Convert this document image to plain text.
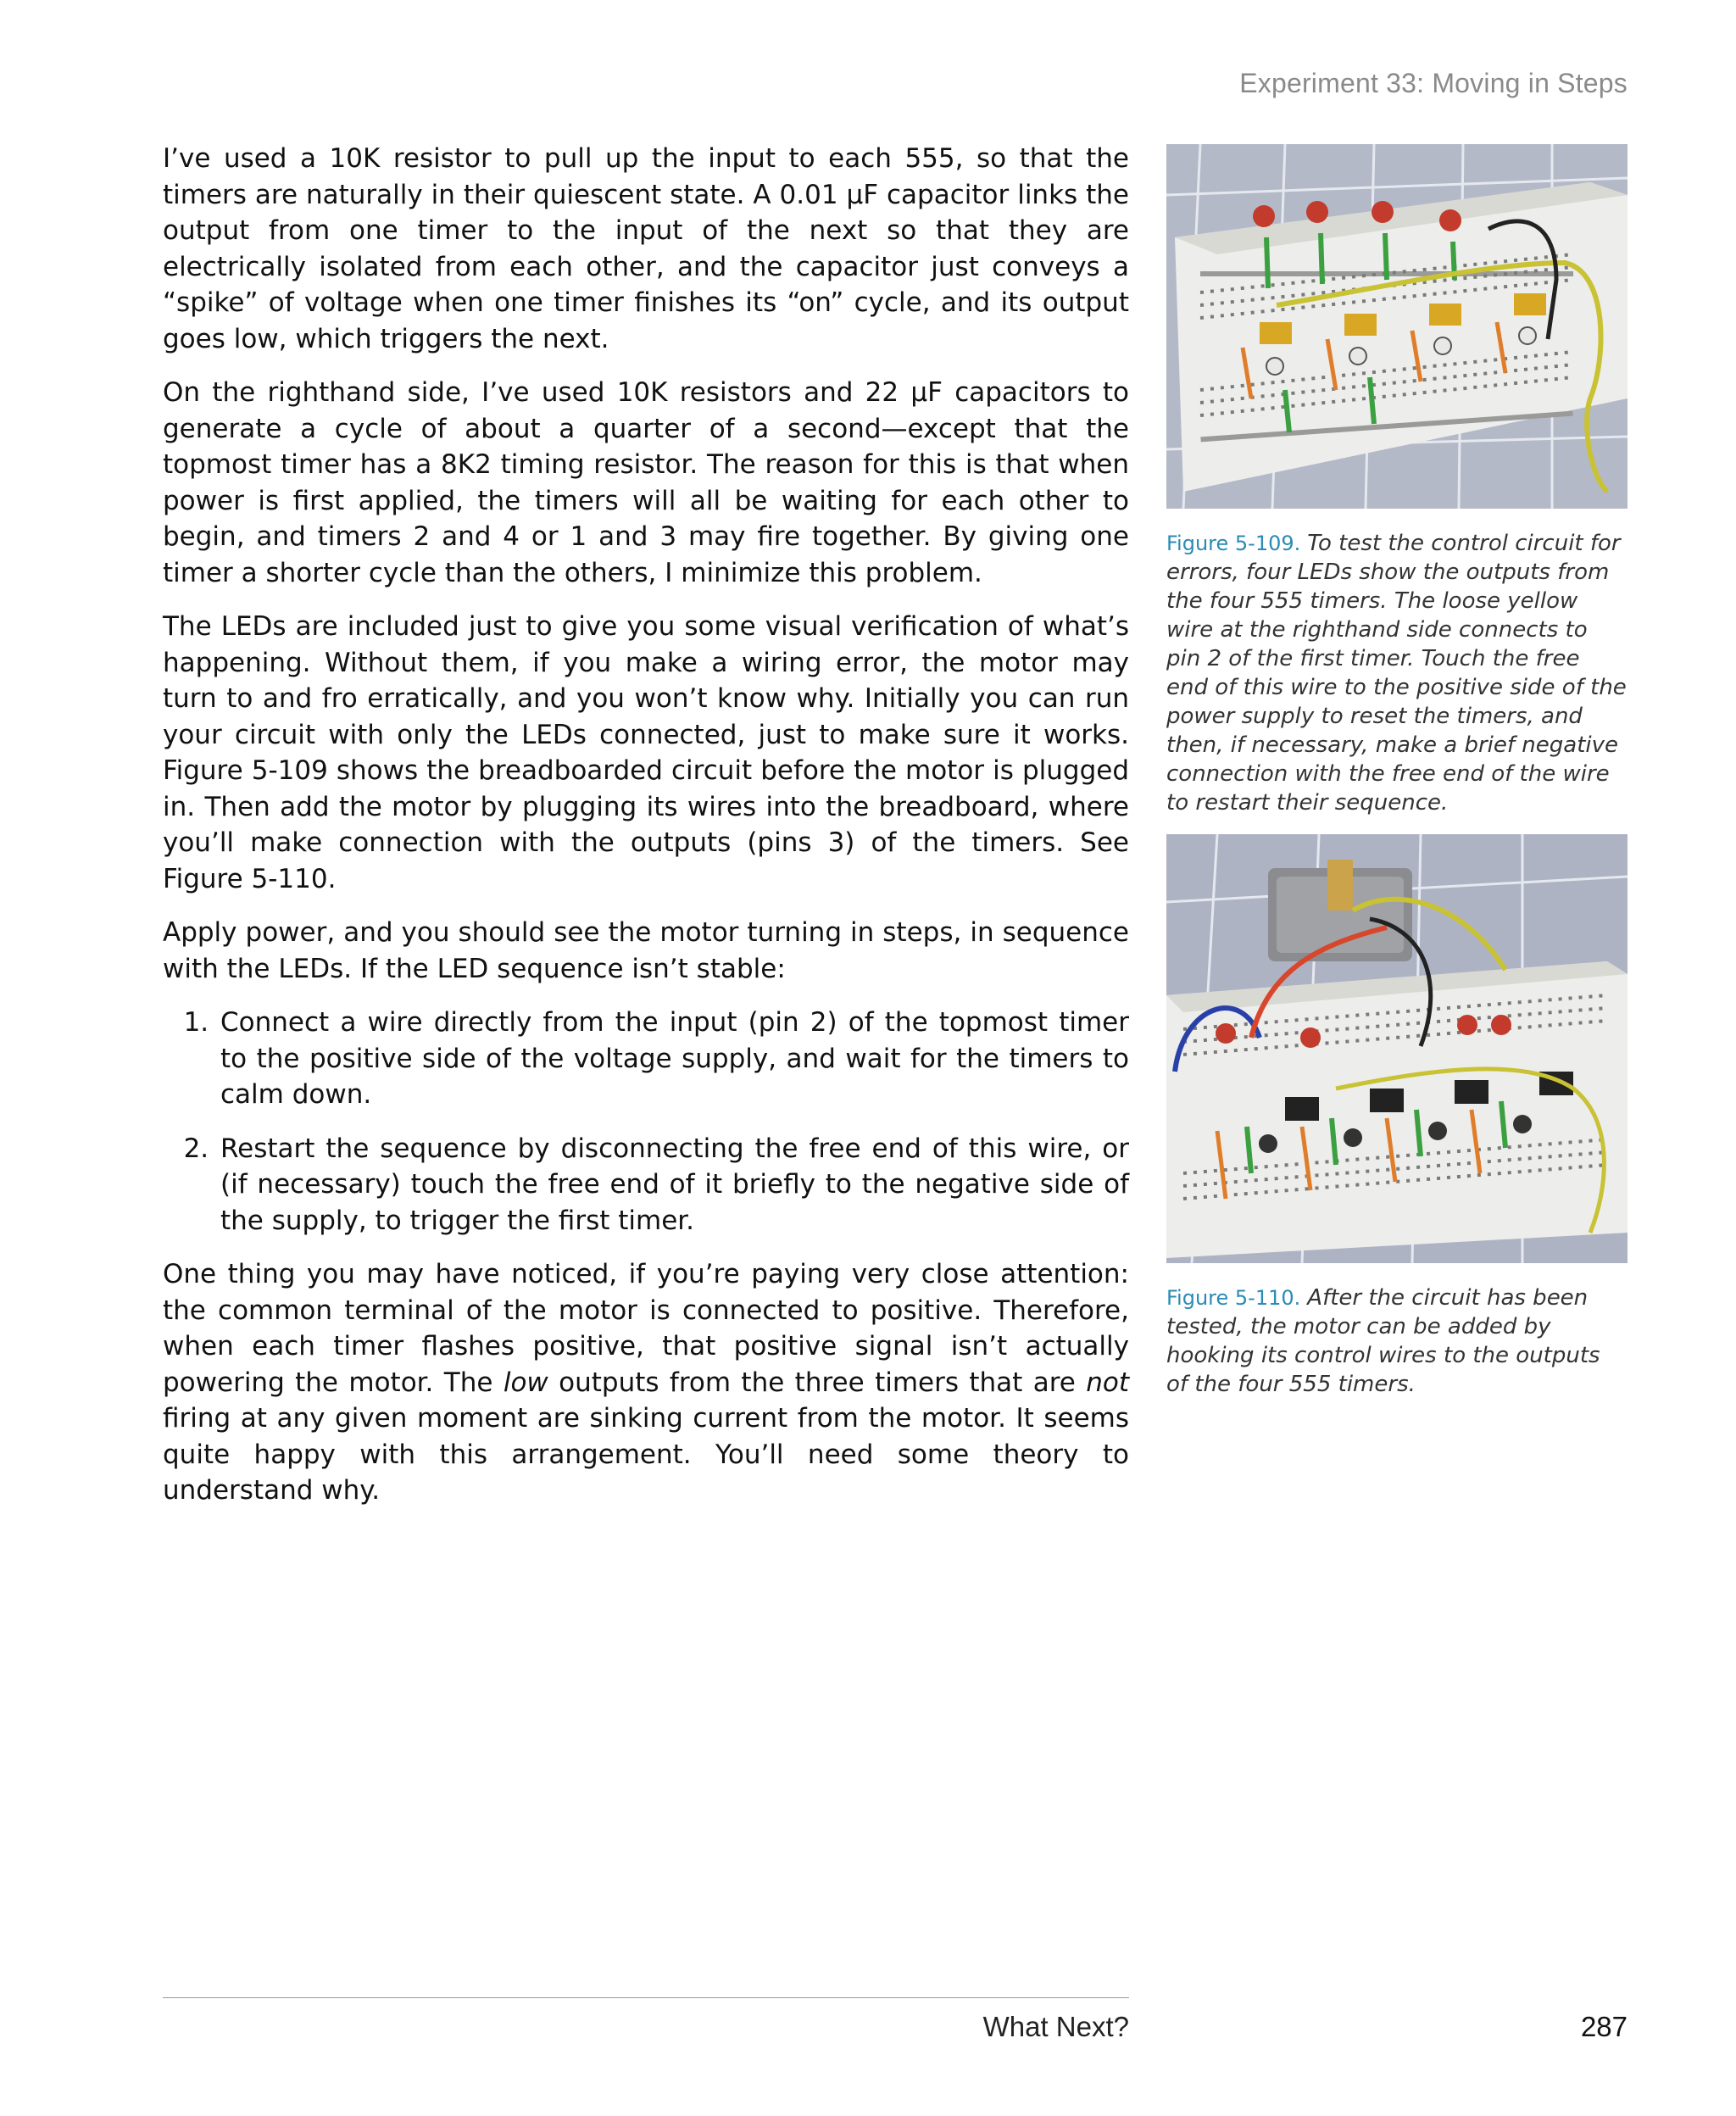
Experiment 33: Moving in Steps

I’ve used a 10K resistor to pull up the input to each 555, so that the timers are naturally in their quiescent state. A 0.01 μF capacitor links the output from one timer to the input of the next so that they are electrically isolated from each other, and the capacitor just conveys a “spike” of voltage when one timer finishes its “on” cycle, and its output goes low, which triggers the next.

On the righthand side, I’ve used 10K resistors and 22 μF capacitors to generate a cycle of about a quarter of a second—except that the topmost timer has a 8K2 timing resistor. The reason for this is that when power is first applied, the timers will all be waiting for each other to begin, and timers 2 and 4 or 1 and 3 may fire together. By giving one timer a shorter cycle than the others, I minimize this problem.

The LEDs are included just to give you some visual verification of what’s happening. Without them, if you make a wiring error, the motor may turn to and fro erratically, and you won’t know why. Initially you can run your circuit with only the LEDs connected, just to make sure it works. Figure 5-109 shows the breadboarded circuit before the motor is plugged in. Then add the motor by plugging its wires into the breadboard, where you’ll make connection with the outputs (pins 3) of the timers. See Figure 5-110.

Apply power, and you should see the motor turning in steps, in sequence with the LEDs. If the LED sequence isn’t stable:

1. Connect a wire directly from the input (pin 2) of the topmost timer to the positive side of the voltage supply, and wait for the timers to calm down.
2. Restart the sequence by disconnecting the free end of this wire, or (if necessary) touch the free end of it briefly to the negative side of the supply, to trigger the first timer.

One thing you may have noticed, if you’re paying very close attention: the common terminal of the motor is connected to positive. Therefore, when each timer flashes positive, that positive signal isn’t actually powering the motor. The low outputs from the three timers that are not firing at any given moment are sinking current from the motor. It seems quite happy with this arrangement. You’ll need some theory to understand why.

Figure 5-109. To test the control circuit for errors, four LEDs show the outputs from the four 555 timers. The loose yellow wire at the righthand side connects to pin 2 of the first timer. Touch the free end of this wire to the positive side of the power supply to reset the timers, and then, if necessary, make a brief negative connection with the free end of the wire to restart their sequence.
Figure 5-110. After the circuit has been tested, the motor can be added by hooking its control wires to the outputs of the four 555 timers.
What Next?	287
